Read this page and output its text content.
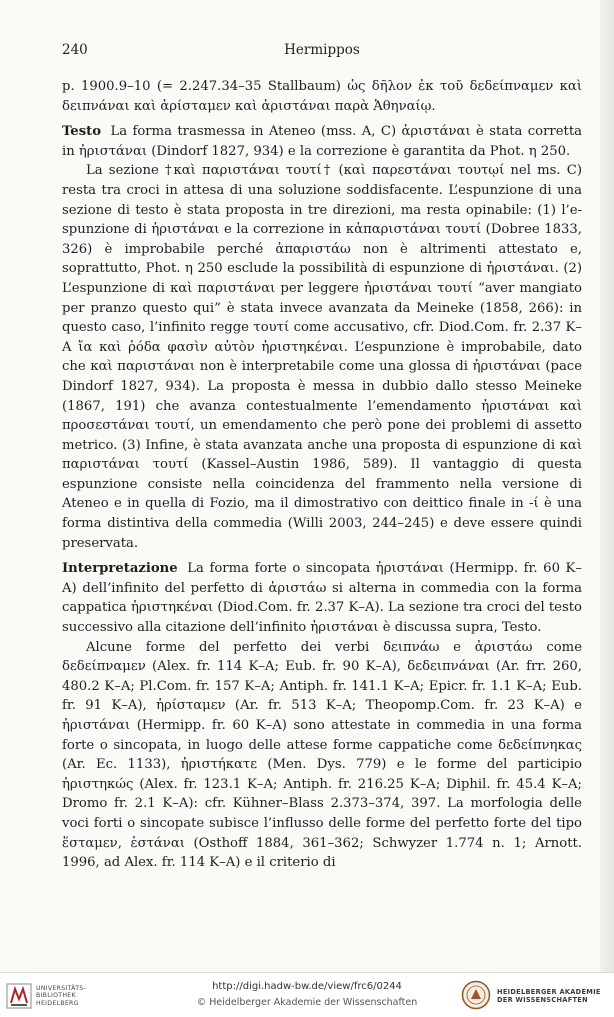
240	Hermippos

p. 1900.9–10 (= 2.247.34–35 Stallbaum) ὡς δῆλον ἐκ τοῦ δεδείπναμεν καὶ δειπνάναι καὶ ἀρίσταμεν καὶ ἀριστάναι παρὰ Ἀθηναίῳ.

Testo La forma trasmessa in Ateneo (mss. A, C) ἀριστάναι è stata corretta in ἠριστάναι (Dindorf 1827, 934) e la correzione è garantita da Phot. η 250.

La sezione †καὶ παριστάναι τουτί† (καὶ παρεστάναι τουτῳί nel ms. C) resta tra croci in attesa di una soluzione soddisfacente. L’espunzione di una sezione di testo è stata proposta in tre direzioni, ma resta opinabile: (1) l’espunzione di ἠριστάναι e la correzione in κἀπαριστάναι τουτί (Dobree 1833, 326) è improbabile perché ἀπαριστάω non è altrimenti attestato e, soprattutto, Phot. η 250 esclude la possibilità di espunzione di ἠριστάναι. (2) L’espunzione di καὶ παριστάναι per leggere ἠριστάναι τουτί “aver mangiato per pranzo questo qui” è stata invece avanzata da Meineke (1858, 266): in questo caso, l’infinito regge τουτί come accusativo, cfr. Diod.Com. fr. 2.37 K–A ἴα καὶ ῥόδα φασὶν αὐτὸν ἠριστηκέναι. L’espunzione è improbabile, dato che καὶ παριστάναι non è interpretabile come una glossa di ἠριστάναι (pace Dindorf 1827, 934). La proposta è messa in dubbio dallo stesso Meineke (1867, 191) che avanza contestualmente l’emendamento ἠριστάναι καὶ προσεστάναι τουτί, un emendamento che però pone dei problemi di assetto metrico. (3) Infine, è stata avanzata anche una proposta di espunzione di καὶ παριστάναι τουτί (Kassel–Austin 1986, 589). Il vantaggio di questa espunzione consiste nella coincidenza del frammento nella versione di Ateneo e in quella di Fozio, ma il dimostrativo con deittico finale in -ί è una forma distintiva della commedia (Willi 2003, 244–245) e deve essere quindi preservata.

Interpretazione La forma forte o sincopata ἠριστάναι (Hermipp. fr. 60 K–A) dell’infinito del perfetto di ἀριστάω si alterna in commedia con la forma cappatica ἠριστηκέναι (Diod.Com. fr. 2.37 K–A). La sezione tra croci del testo successivo alla citazione dell’infinito ἠριστάναι è discussa supra, Testo.

Alcune forme del perfetto dei verbi δειπνάω e ἀριστάω come δεδείπναμεν (Alex. fr. 114 K–A; Eub. fr. 90 K–A), δεδειπνάναι (Ar. frr. 260, 480.2 K–A; Pl.Com. fr. 157 K–A; Antiph. fr. 141.1 K–A; Epicr. fr. 1.1 K–A; Eub. fr. 91 K–A), ἠρίσταμεν (Ar. fr. 513 K–A; Theopomp.Com. fr. 23 K–A) e ἠριστάναι (Hermipp. fr. 60 K–A) sono attestate in commedia in una forma forte o sincopata, in luogo delle attese forme cappatiche come δεδείπνηκας (Ar. Ec. 1133), ἠριστήκατε (Men. Dys. 779) e le forme del participio ἠριστηκώς (Alex. fr. 123.1 K–A; Antiph. fr. 216.25 K–A; Diphil. fr. 45.4 K–A; Dromo fr. 2.1 K–A): cfr. Kühner–Blass 2.373–374, 397. La morfologia delle voci forti o sincopate subisce l’influsso delle forme del perfetto forte del tipo ἕσταμεν, ἑστάναι (Osthoff 1884, 361–362; Schwyzer 1.774 n. 1; Arnott. 1996, ad Alex. fr. 114 K–A) e il criterio di

UNIVERSITÄTS- BIBLIOTHEK HEIDELBERG
http://digi.hadw-bw.de/view/frc6/0244
© Heidelberger Akademie der Wissenschaften
HEIDELBERGER AKADEMIE DER WISSENSCHAFTEN
